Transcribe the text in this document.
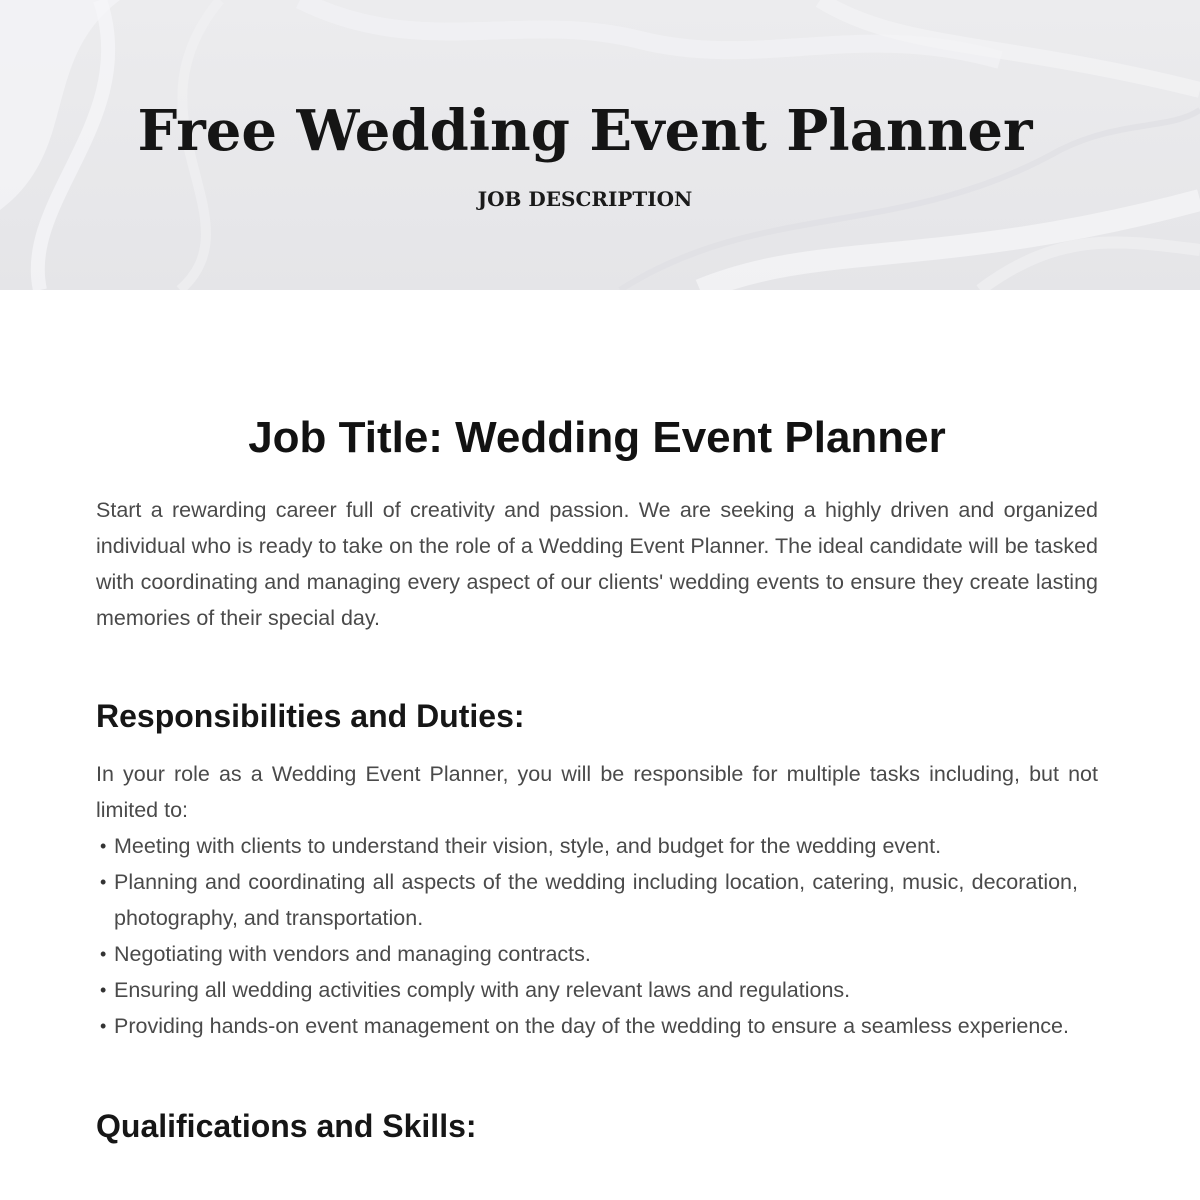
Free Wedding Event Planner
JOB DESCRIPTION
Job Title: Wedding Event Planner

Start a rewarding career full of creativity and passion. We are seeking a highly driven and organized individual who is ready to take on the role of a Wedding Event Planner. The ideal candidate will be tasked with coordinating and managing every aspect of our clients' wedding events to ensure they create lasting memories of their special day.

Responsibilities and Duties:

In your role as a Wedding Event Planner, you will be responsible for multiple tasks including, but not limited to:

• Meeting with clients to understand their vision, style, and budget for the wedding event.
• Planning and coordinating all aspects of the wedding including location, catering, music, decoration, photography, and transportation.
• Negotiating with vendors and managing contracts.
• Ensuring all wedding activities comply with any relevant laws and regulations.
• Providing hands-on event management on the day of the wedding to ensure a seamless experience.
Qualifications and Skills:
